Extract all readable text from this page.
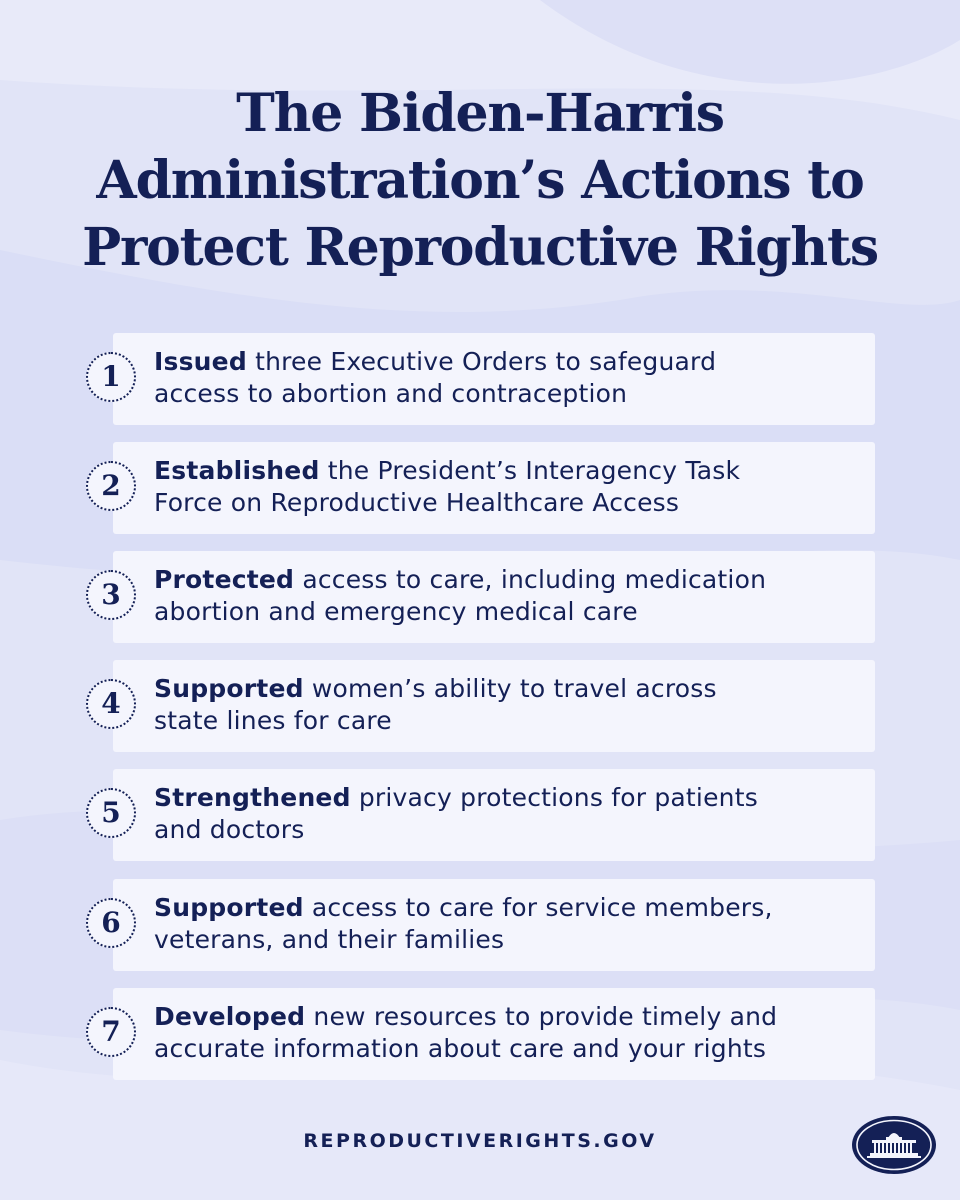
The Biden-Harris
Administration’s Actions to
Protect Reproductive Rights
1	Issued three Executive Orders to safeguard
access to abortion and contraception
2	Established the President’s Interagency Task
Force on Reproductive Healthcare Access
3	Protected access to care, including medication
abortion and emergency medical care
4	Supported women’s ability to travel across
state lines for care
5	Strengthened privacy protections for patients
and doctors
6	Supported access to care for service members,
veterans, and their families
7	Developed new resources to provide timely and
accurate information about care and your rights
REPRODUCTIVERIGHTS.GOV
